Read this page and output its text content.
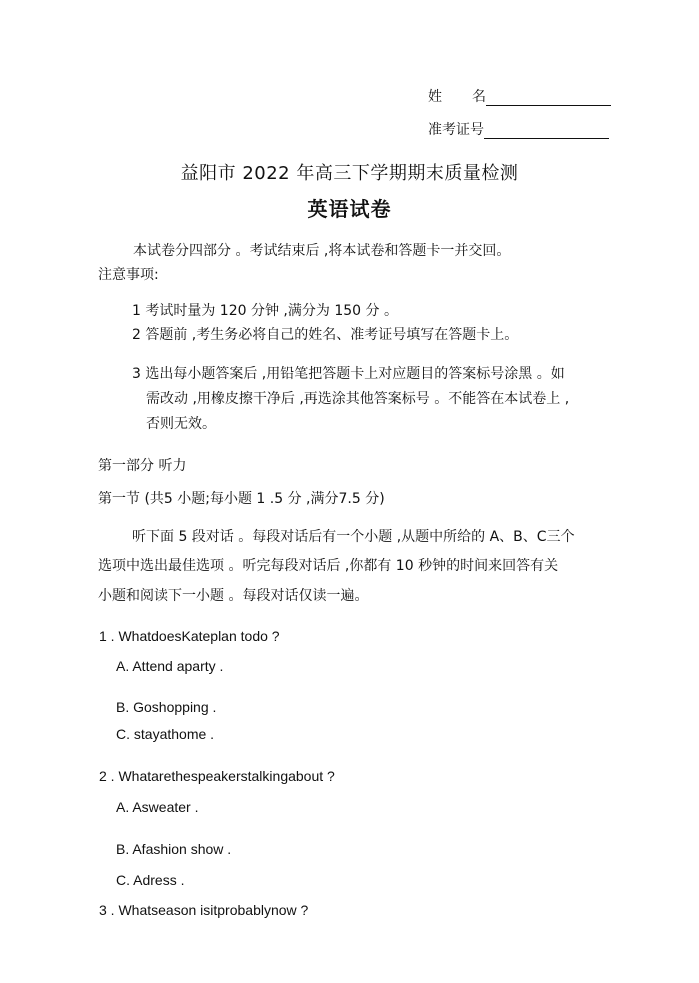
姓 名
准考证号
益阳市 2022 年高三下学期期末质量检测
英语试卷
本试卷分四部分 。考试结束后 ,将本试卷和答题卡一并交回。
注意事项:
1 考试时量为 120 分钟 ,满分为 150 分 。
2 答题前 ,考生务必将自己的姓名、准考证号填写在答题卡上。
3 选出每小题答案后 ,用铅笔把答题卡上对应题目的答案标号涂黑 。如
需改动 ,用橡皮擦干净后 ,再选涂其他答案标号 。不能答在本试卷上 ,
否则无效。
第一部分 听力
第一节 (共5 小题;每小题 1 .5 分 ,满分7.5 分)
听下面 5 段对话 。每段对话后有一个小题 ,从题中所给的 A、B、C三个
选项中选出最佳选项 。听完每段对话后 ,你都有 10 秒钟的时间来回答有关
小题和阅读下一小题 。每段对话仅读一遍。
1 . WhatdoesKateplan todo ?
A. Attend aparty .
B. Goshopping .
C. stayathome .
2 . Whatarethespeakerstalkingabout ?
A. Asweater .
B. Afashion show .
C. Adress .
3 . Whatseason isitprobablynow ?
